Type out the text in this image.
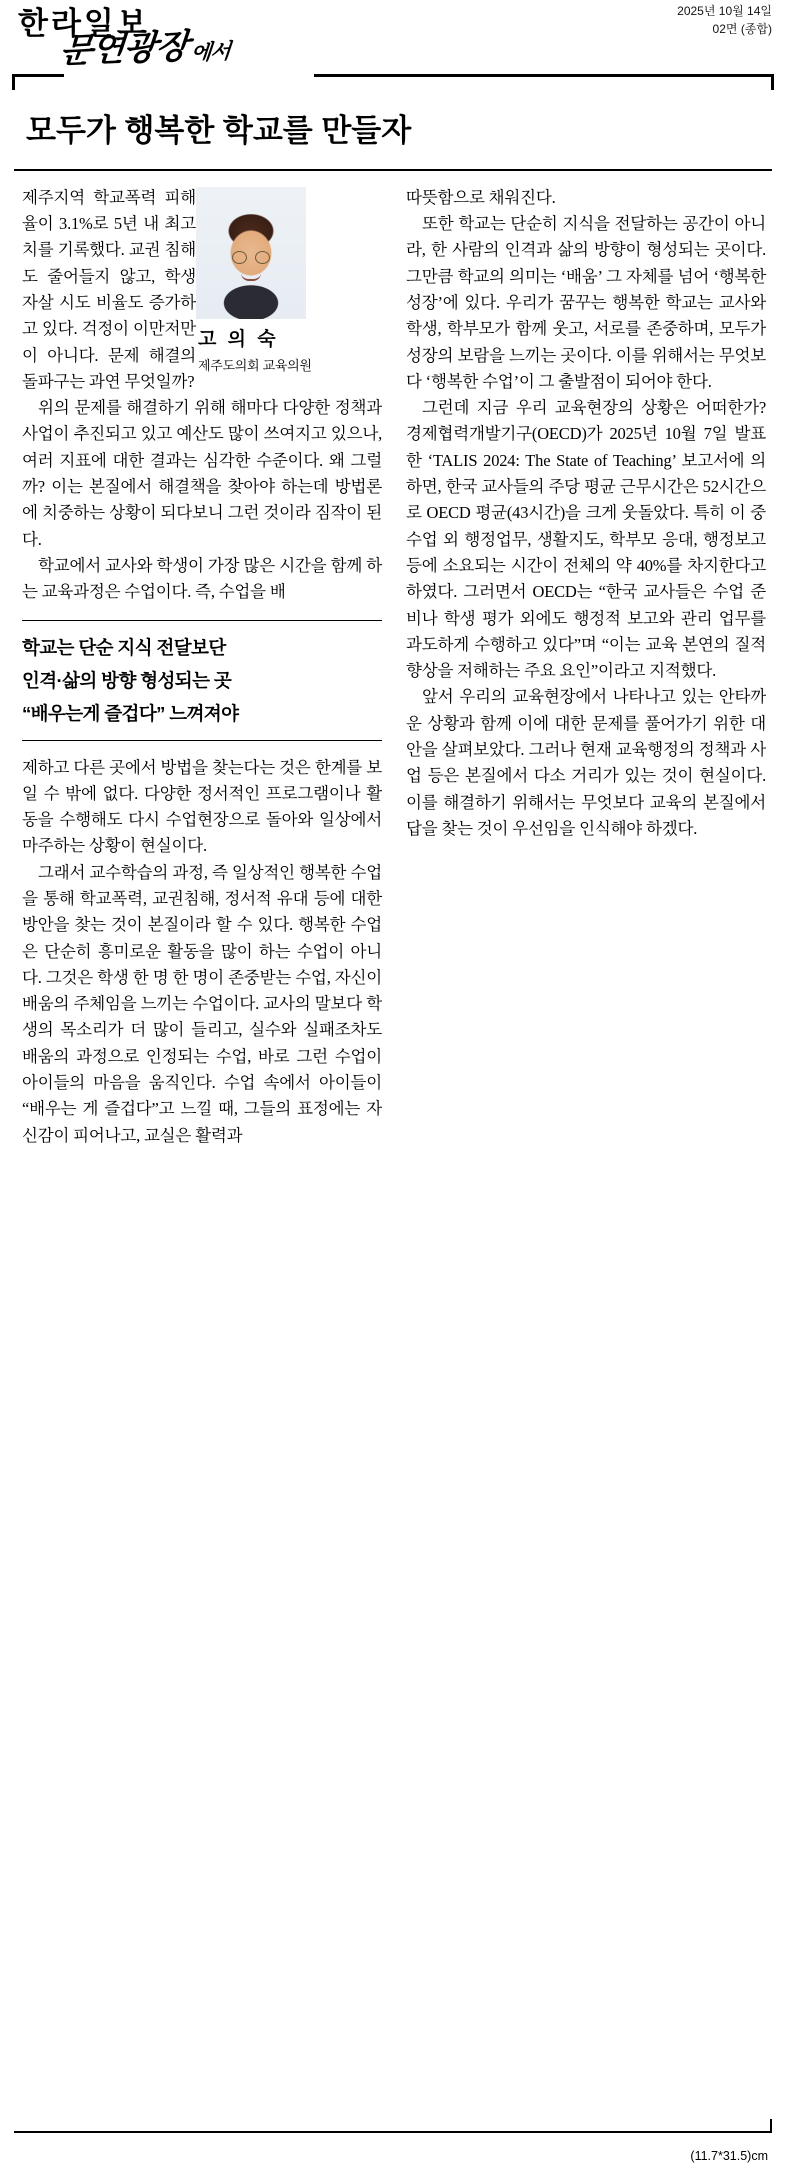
한라일보	2025년 10월 14일
02면 (종합)
문연광장 에서
모두가 행복한 학교를 만들자
고 의 숙
제주도의회 교육의원

제주지역 학교폭력 피해율이 3.1%로 5년 내 최고치를 기록했다. 교권 침해도 줄어들지 않고, 학생 자살 시도 비율도 증가하고 있다. 걱정이 이만저만이 아니다. 문제 해결의 돌파구는 과연 무엇일까?

위의 문제를 해결하기 위해 해마다 다양한 정책과 사업이 추진되고 있고 예산도 많이 쓰여지고 있으나, 여러 지표에 대한 결과는 심각한 수준이다. 왜 그럴까? 이는 본질에서 해결책을 찾아야 하는데 방법론에 치중하는 상황이 되다보니 그런 것이라 짐작이 된다.

학교에서 교사와 학생이 가장 많은 시간을 함께 하는 교육과정은 수업이다. 즉, 수업을 배

학교는 단순 지식 전달보단
인격·삶의 방향 형성되는 곳
“배우는게 즐겁다” 느껴져야

제하고 다른 곳에서 방법을 찾는다는 것은 한계를 보일 수 밖에 없다. 다양한 정서적인 프로그램이나 활동을 수행해도 다시 수업현장으로 돌아와 일상에서 마주하는 상황이 현실이다.

그래서 교수학습의 과정, 즉 일상적인 행복한 수업을 통해 학교폭력, 교권침해, 정서적 유대 등에 대한 방안을 찾는 것이 본질이라 할 수 있다. 행복한 수업은 단순히 흥미로운 활동을 많이 하는 수업이 아니다. 그것은 학생 한 명 한 명이 존중받는 수업, 자신이 배움의 주체임을 느끼는 수업이다. 교사의 말보다 학생의 목소리가 더 많이 들리고, 실수와 실패조차도 배움의 과정으로 인정되는 수업, 바로 그런 수업이 아이들의 마음을 움직인다. 수업 속에서 아이들이 “배우는 게 즐겁다”고 느낄 때, 그들의 표정에는 자신감이 피어나고, 교실은 활력과

따뜻함으로 채워진다.

또한 학교는 단순히 지식을 전달하는 공간이 아니라, 한 사람의 인격과 삶의 방향이 형성되는 곳이다. 그만큼 학교의 의미는 ‘배움’ 그 자체를 넘어 ‘행복한 성장’에 있다. 우리가 꿈꾸는 행복한 학교는 교사와 학생, 학부모가 함께 웃고, 서로를 존중하며, 모두가 성장의 보람을 느끼는 곳이다. 이를 위해서는 무엇보다 ‘행복한 수업’이 그 출발점이 되어야 한다.

그런데 지금 우리 교육현장의 상황은 어떠한가? 경제협력개발기구(OECD)가 2025년 10월 7일 발표한 ‘TALIS 2024: The State of Teaching’ 보고서에 의하면, 한국 교사들의 주당 평균 근무시간은 52시간으로 OECD 평균(43시간)을 크게 웃돌았다. 특히 이 중 수업 외 행정업무, 생활지도, 학부모 응대, 행정보고 등에 소요되는 시간이 전체의 약 40%를 차지한다고 하였다. 그러면서 OECD는 “한국 교사들은 수업 준비나 학생 평가 외에도 행정적 보고와 관리 업무를 과도하게 수행하고 있다”며 “이는 교육 본연의 질적 향상을 저해하는 주요 요인”이라고 지적했다.

앞서 우리의 교육현장에서 나타나고 있는 안타까운 상황과 함께 이에 대한 문제를 풀어가기 위한 대안을 살펴보았다. 그러나 현재 교육행정의 정책과 사업 등은 본질에서 다소 거리가 있는 것이 현실이다. 이를 해결하기 위해서는 무엇보다 교육의 본질에서 답을 찾는 것이 우선임을 인식해야 하겠다.

(11.7*31.5)cm
